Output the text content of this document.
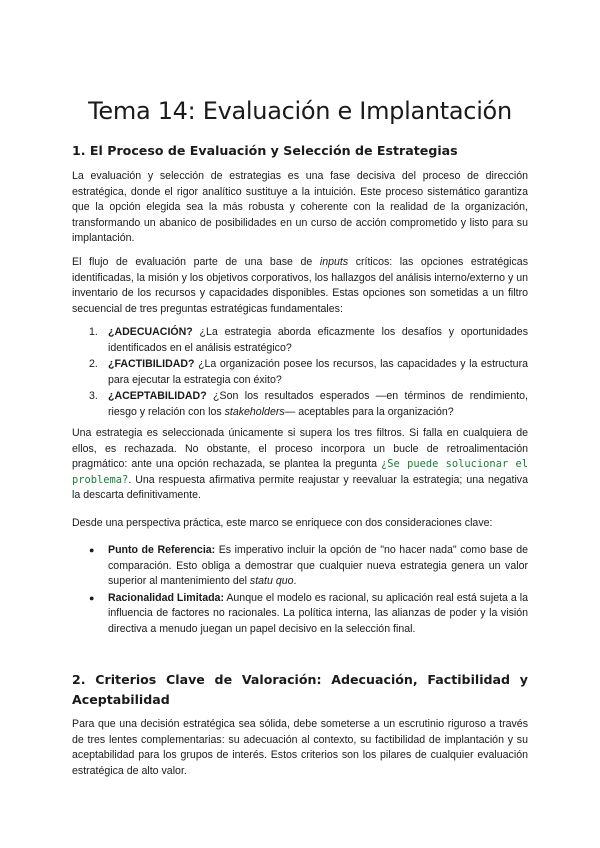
Tema 14: Evaluación e Implantación
1. El Proceso de Evaluación y Selección de Estrategias

La evaluación y selección de estrategias es una fase decisiva del proceso de dirección estratégica, donde el rigor analítico sustituye a la intuición. Este proceso sistemático garantiza que la opción elegida sea la más robusta y coherente con la realidad de la organización, transformando un abanico de posibilidades en un curso de acción comprometido y listo para su implantación.

El flujo de evaluación parte de una base de inputs críticos: las opciones estratégicas identificadas, la misión y los objetivos corporativos, los hallazgos del análisis interno/externo y un inventario de los recursos y capacidades disponibles. Estas opciones son sometidas a un filtro secuencial de tres preguntas estratégicas fundamentales:

1. ¿ADECUACIÓN? ¿La estrategia aborda eficazmente los desafíos y oportunidades identificados en el análisis estratégico?
2. ¿FACTIBILIDAD? ¿La organización posee los recursos, las capacidades y la estructura para ejecutar la estrategia con éxito?
3. ¿ACEPTABILIDAD? ¿Son los resultados esperados —en términos de rendimiento, riesgo y relación con los stakeholders— aceptables para la organización?

Una estrategia es seleccionada únicamente si supera los tres filtros. Si falla en cualquiera de ellos, es rechazada. No obstante, el proceso incorpora un bucle de retroalimentación pragmático: ante una opción rechazada, se plantea la pregunta ¿Se puede solucionar el problema?. Una respuesta afirmativa permite reajustar y reevaluar la estrategia; una negativa la descarta definitivamente.

Desde una perspectiva práctica, este marco se enriquece con dos consideraciones clave:

● Punto de Referencia: Es imperativo incluir la opción de "no hacer nada" como base de comparación. Esto obliga a demostrar que cualquier nueva estrategia genera un valor superior al mantenimiento del statu quo.
● Racionalidad Limitada: Aunque el modelo es racional, su aplicación real está sujeta a la influencia de factores no racionales. La política interna, las alianzas de poder y la visión directiva a menudo juegan un papel decisivo en la selección final.
2. Criterios Clave de Valoración: Adecuación, Factibilidad y Aceptabilidad

Para que una decisión estratégica sea sólida, debe someterse a un escrutinio riguroso a través de tres lentes complementarias: su adecuación al contexto, su factibilidad de implantación y su aceptabilidad para los grupos de interés. Estos criterios son los pilares de cualquier evaluación estratégica de alto valor.
